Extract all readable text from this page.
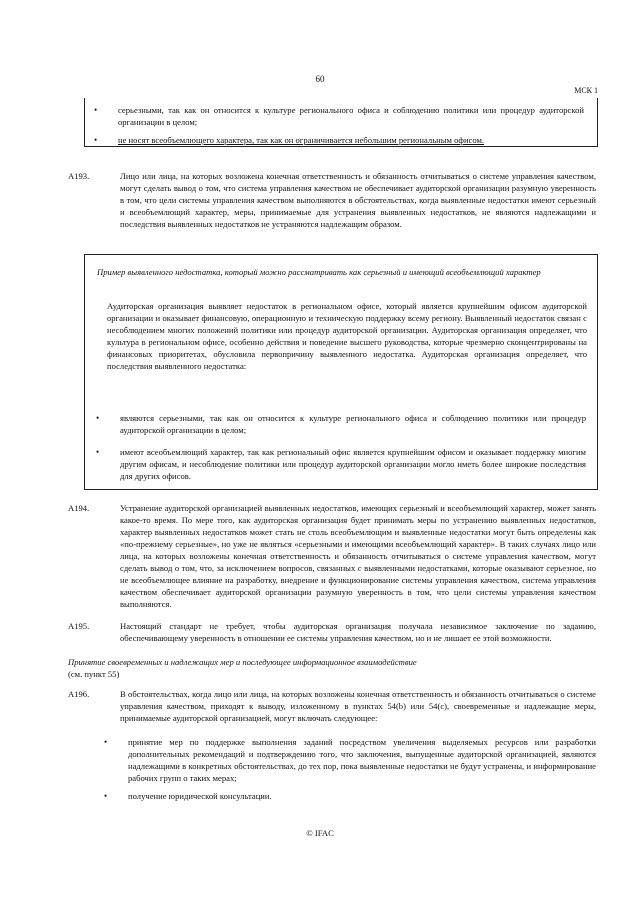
60
МСК 1
• серьезными, так как он относится к культуре регионального офиса и соблюдению политики или процедур аудиторской организации в целом;
• не носят всеобъемлющего характера, так как он ограничивается небольшим региональным офисом.
A193.	Лицо или лица, на которых возложена конечная ответственность и обязанность отчитываться о системе управления качеством, могут сделать вывод о том, что система управления качеством не обеспечивает аудиторской организации разумную уверенность в том, что цели системы управления качеством выполняются в обстоятельствах, когда выявленные недостатки имеют серьезный и всеобъемлющий характер, меры, принимаемые для устранения выявленных недостатков, не являются надлежащими и последствия выявленных недостатков не устраняются надлежащим образом.
Пример выявленного недостатка, который можно рассматривать как серьезный и имеющий всеобъемлющий характер
Аудиторская организация выявляет недостаток в региональном офисе, который является крупнейшим офисом аудиторской организации и оказывает финансовую, операционную и техническую поддержку всему региону. Выявленный недостаток связан с несоблюдением многих положений политики или процедур аудиторской организации. Аудиторская организация определяет, что культура в региональном офисе, особенно действия и поведение высшего руководства, которые чрезмерно сконцентрированы на финансовых приоритетах, обусловила первопричину выявленного недостатка. Аудиторская организация определяет, что последствия выявленного недостатка:
• являются серьезными, так как он относится к культуре регионального офиса и соблюдению политики или процедур аудиторской организации в целом;
• имеют всеобъемлющий характер, так как региональный офис является крупнейшим офисом и оказывает поддержку многим другим офисам, и несоблюдение политики или процедур аудиторской организации могло иметь более широкие последствия для других офисов.
A194.	Устранение аудиторской организацией выявленных недостатков, имеющих серьезный и всеобъемлющий характер, может занять какое-то время. По мере того, как аудиторская организация будет принимать меры по устранению выявленных недостатков, характер выявленных недостатков может стать не столь всеобъемлющим и выявленные недостатки могут быть определены как «по-прежнему серьезные», но уже не являться «серьезными и имеющими всеобъемлющий характер». В таких случаях лицо или лица, на которых возложены конечная ответственность и обязанность отчитываться о системе управления качеством, могут сделать вывод о том, что, за исключением вопросов, связанных с выявленными недостатками, которые оказывают серьезное, но не всеобъемлющее влияние на разработку, внедрение и функционирование системы управления качеством, система управления качеством обеспечивает аудиторской организации разумную уверенность в том, что цели системы управления качеством выполняются.
A195.	Настоящий стандарт не требует, чтобы аудиторская организация получала независимое заключение по заданию, обеспечивающему уверенность в отношении ее системы управления качеством, но и не лишает ее этой возможности.
Принятие своевременных и надлежащих мер и последующее информационное взаимодействие
(см. пункт 55)
A196.	В обстоятельствах, когда лицо или лица, на которых возложены конечная ответственность и обязанность отчитываться о системе управления качеством, приходят к выводу, изложенному в пунктах 54(b) или 54(c), своевременные и надлежащие меры, принимаемые аудиторской организацией, могут включать следующее:
• принятие мер по поддержке выполнения заданий посредством увеличения выделяемых ресурсов или разработки дополнительных рекомендаций и подтверждению того, что заключения, выпущенные аудиторской организацией, являются надлежащими в конкретных обстоятельствах, до тех пор, пока выявленные недостатки не будут устранены, и информирование рабочих групп о таких мерах;
• получение юридической консультации.
© IFAC
